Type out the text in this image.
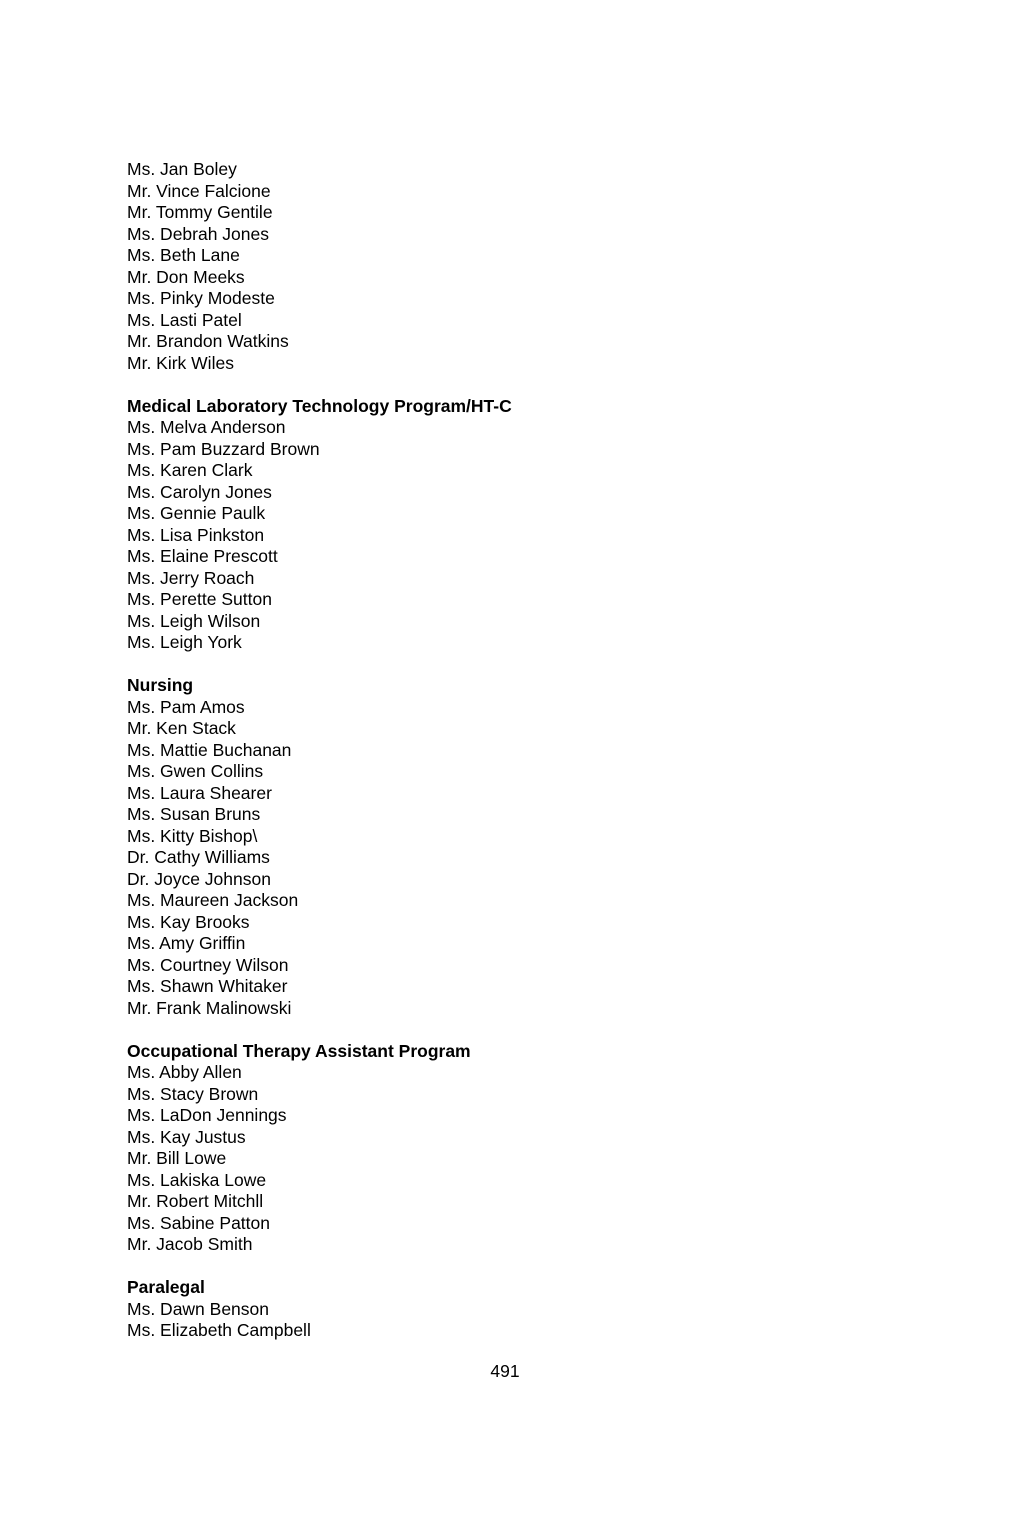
Ms. Jan Boley
Mr. Vince Falcione
Mr. Tommy Gentile
Ms. Debrah Jones
Ms. Beth Lane
Mr. Don Meeks
Ms. Pinky Modeste
Ms. Lasti Patel
Mr. Brandon Watkins
Mr. Kirk Wiles
Medical Laboratory Technology Program/HT-C
Ms. Melva Anderson
Ms. Pam Buzzard Brown
Ms. Karen Clark
Ms. Carolyn Jones
Ms. Gennie Paulk
Ms. Lisa Pinkston
Ms. Elaine Prescott
Ms. Jerry Roach
Ms. Perette Sutton
Ms. Leigh Wilson
Ms. Leigh York
Nursing
Ms. Pam Amos
Mr. Ken Stack
Ms. Mattie Buchanan
Ms. Gwen Collins
Ms. Laura Shearer
Ms. Susan Bruns
Ms. Kitty Bishop\
Dr. Cathy Williams
Dr. Joyce Johnson
Ms. Maureen Jackson
Ms. Kay Brooks
Ms. Amy Griffin
Ms. Courtney Wilson
Ms. Shawn Whitaker
Mr. Frank Malinowski
Occupational Therapy Assistant Program
Ms. Abby Allen
Ms. Stacy Brown
Ms. LaDon Jennings
Ms. Kay Justus
Mr. Bill Lowe
Ms. Lakiska Lowe
Mr. Robert Mitchll
Ms. Sabine Patton
Mr. Jacob Smith
Paralegal
Ms. Dawn Benson
Ms. Elizabeth Campbell
491
